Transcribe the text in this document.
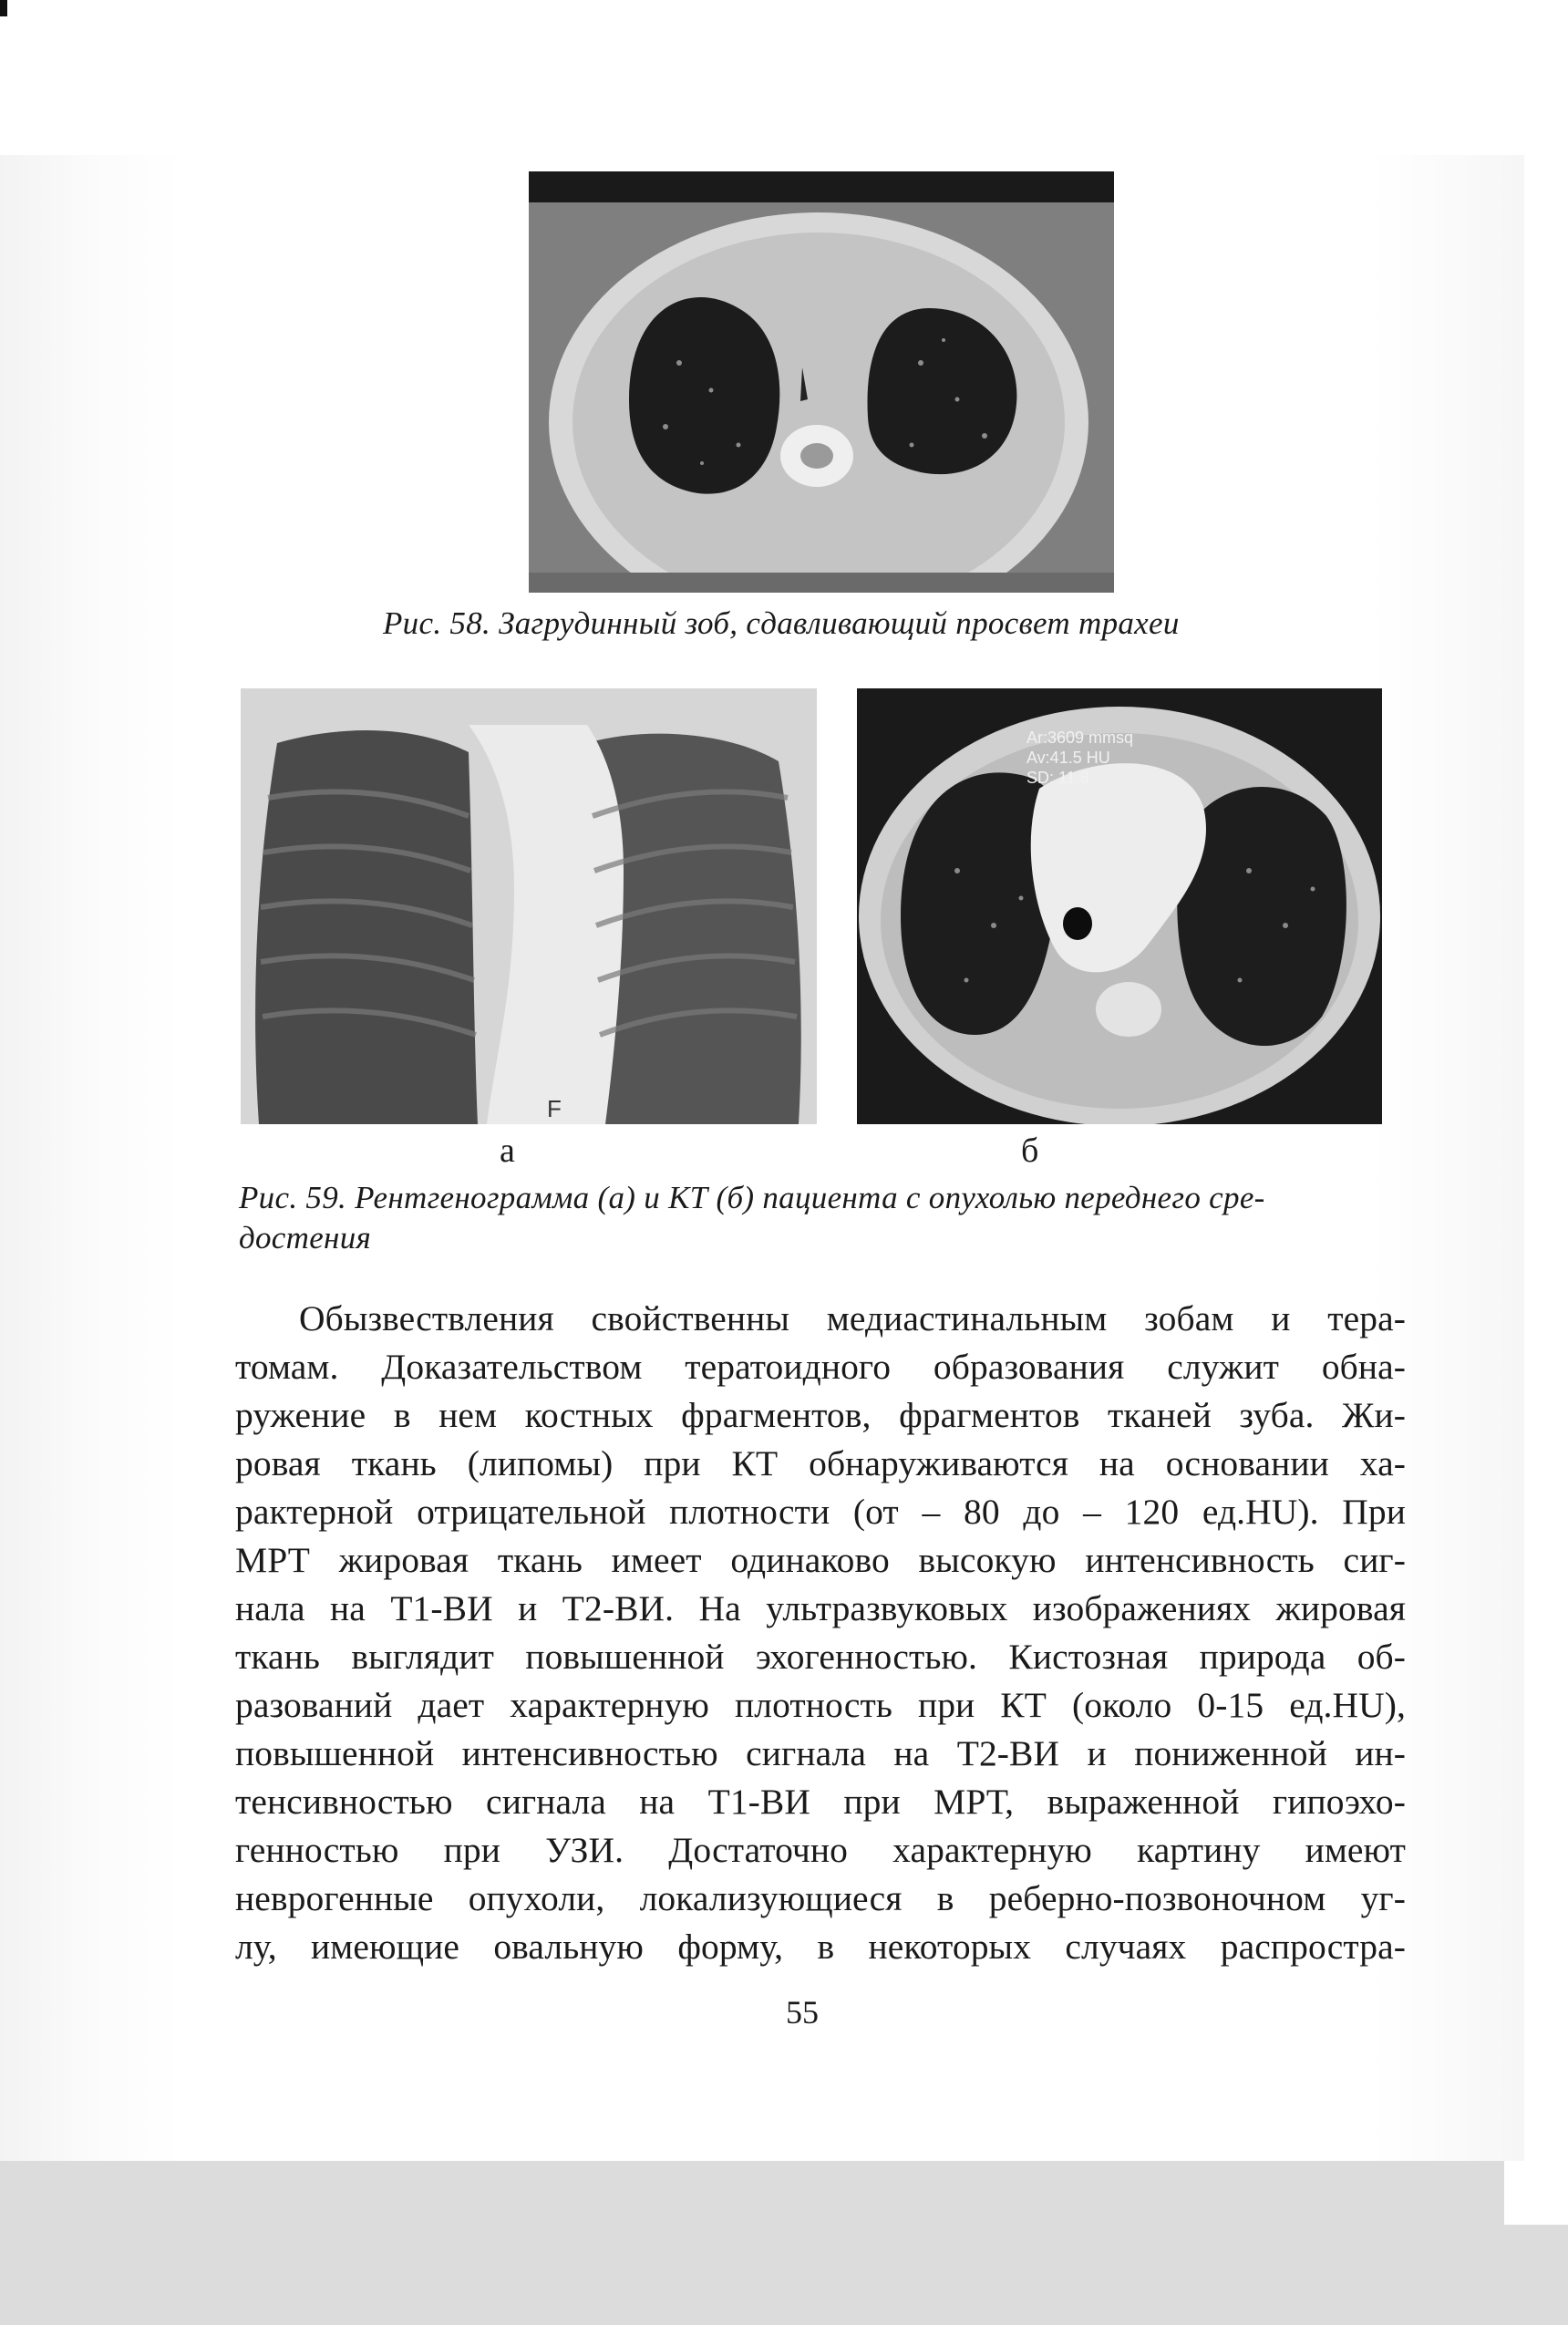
Рис. 58. Загрудинный зоб, сдавливающий просвет трахеи
F
Ar:3609 mmsq
Av:41.5 HU
SD: 11.8
а	б
Рис. 59. Рентгенограмма (а) и КТ (б) пациента с опухолью переднего сре-
достения
Обызвествления свойственны медиастинальным зобам и тера-
томам. Доказательством тератоидного образования служит обна-
ружение в нем костных фрагментов, фрагментов тканей зуба. Жи-
ровая ткань (липомы) при КТ обнаруживаются на основании ха-
рактерной отрицательной плотности (от – 80 до – 120 ед.HU). При
МРТ жировая ткань имеет одинаково высокую интенсивность сиг-
нала на T1-ВИ и T2-ВИ. На ультразвуковых изображениях жировая
ткань выглядит повышенной эхогенностью. Кистозная природа об-
разований дает характерную плотность при КТ (около 0-15 ед.HU),
повышенной интенсивностью сигнала на T2-ВИ и пониженной ин-
тенсивностью сигнала на T1-ВИ при МРТ, выраженной гипоэхо-
генностью при УЗИ. Достаточно характерную картину имеют
неврогенные опухоли, локализующиеся в реберно-позвоночном уг-
лу, имеющие овальную форму, в некоторых случаях распростра-
55
